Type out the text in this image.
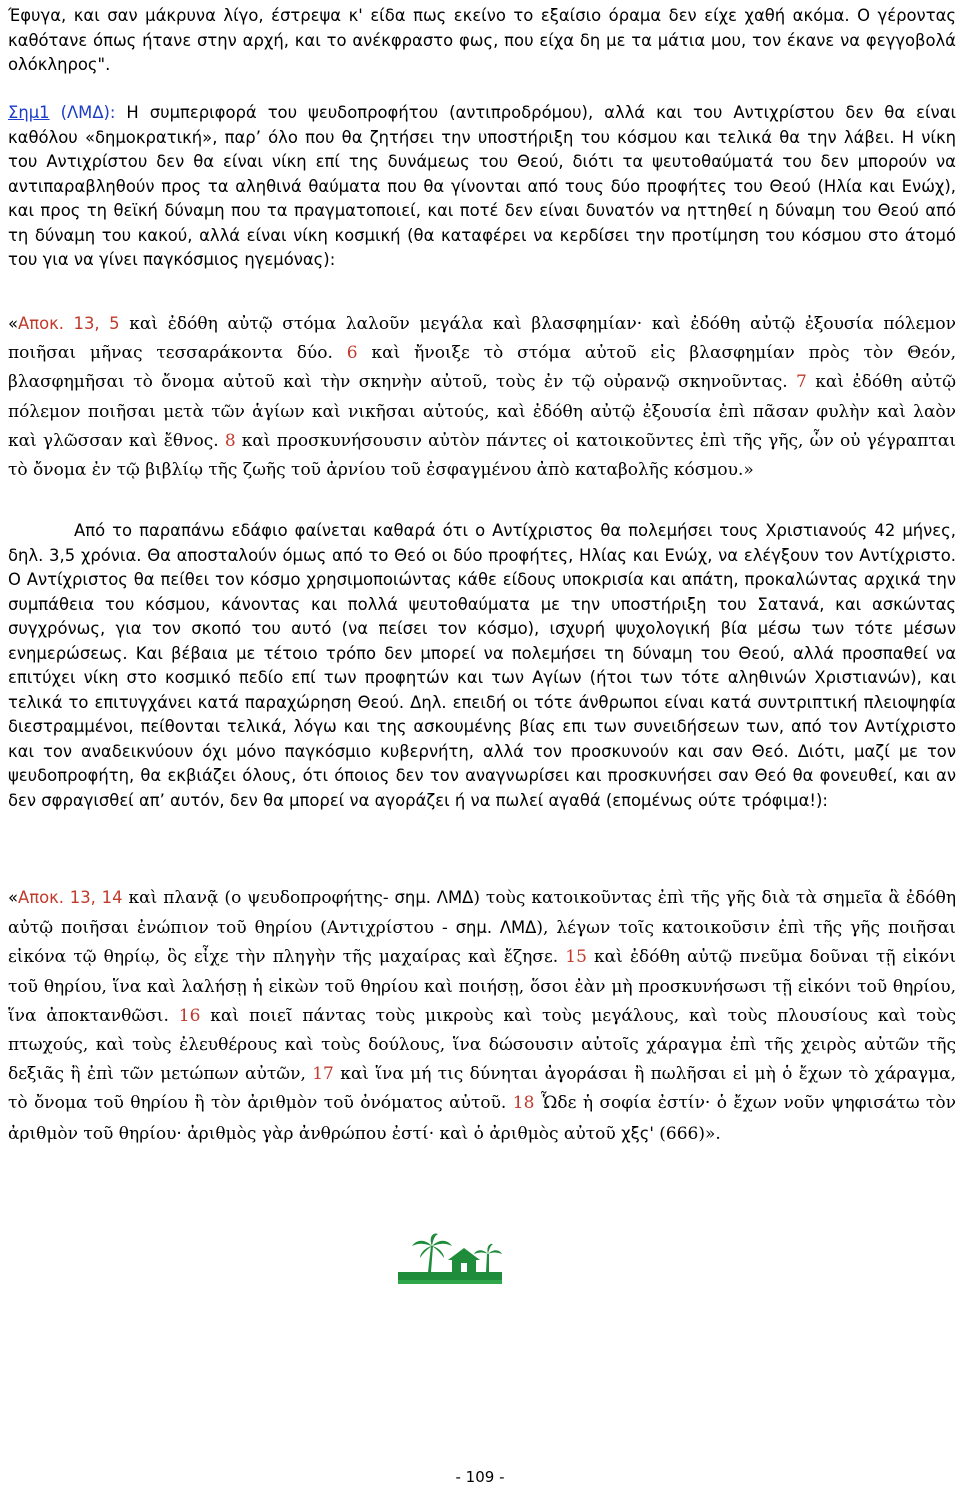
Έφυγα, και σαν μάκρυνα λίγο, έστρεψα κ' είδα πως εκείνο το εξαίσιο όραμα δεν είχε χαθή ακόμα. Ο γέροντας καθότανε όπως ήτανε στην αρχή, και το ανέκφραστο φως, που είχα δη με τα μάτια μου, τον έκανε να φεγγοβολά ολόκληρος".
Σημ1 (ΛΜΔ): Η συμπεριφορά του ψευδοπροφήτου (αντιπροδρόμου), αλλά και του Αντιχρίστου δεν θα είναι καθόλου «δημοκρατική», παρ’ όλο που θα ζητήσει την υποστήριξη του κόσμου και τελικά θα την λάβει. Η νίκη του Αντιχρίστου δεν θα είναι νίκη επί της δυνάμεως του Θεού, διότι τα ψευτοθαύματά του δεν μπορούν να αντιπαραβληθούν προς τα αληθινά θαύματα που θα γίνονται από τους δύο προφήτες του Θεού (Ηλία και Ενώχ), και προς τη θεϊκή δύναμη που τα πραγματοποιεί, και ποτέ δεν είναι δυνατόν να ηττηθεί η δύναμη του Θεού από τη δύναμη του κακού, αλλά είναι νίκη κοσμική (θα καταφέρει να κερδίσει την προτίμηση του κόσμου στο άτομό του για να γίνει παγκόσμιος ηγεμόνας):
«Αποκ. 13, 5 καὶ ἐδόθη αὐτῷ στόμα λαλοῦν μεγάλα καὶ βλασφημίαν· καὶ ἐδόθη αὐτῷ ἐξουσία πόλεμον ποιῆσαι μῆνας τεσσαράκοντα δύο. 6 καὶ ἤνοιξε τὸ στόμα αὐτοῦ εἰς βλασφημίαν πρὸς τὸν Θεόν, βλασφημῆσαι τὸ ὄνομα αὐτοῦ καὶ τὴν σκηνὴν αὐτοῦ, τοὺς ἐν τῷ οὐρανῷ σκηνοῦντας. 7 καὶ ἐδόθη αὐτῷ πόλεμον ποιῆσαι μετὰ τῶν ἁγίων καὶ νικῆσαι αὐτούς, καὶ ἐδόθη αὐτῷ ἐξουσία ἐπὶ πᾶσαν φυλὴν καὶ λαὸν καὶ γλῶσσαν καὶ ἔθνος. 8 καὶ προσκυνήσουσιν αὐτὸν πάντες οἱ κατοικοῦντες ἐπὶ τῆς γῆς, ὧν οὐ γέγραπται τὸ ὄνομα ἐν τῷ βιβλίῳ τῆς ζωῆς τοῦ ἀρνίου τοῦ ἐσφαγμένου ἀπὸ καταβολῆς κόσμου.»
Από το παραπάνω εδάφιο φαίνεται καθαρά ότι ο Αντίχριστος θα πολεμήσει τους Χριστιανούς 42 μήνες, δηλ. 3,5 χρόνια. Θα αποσταλούν όμως από το Θεό οι δύο προφήτες, Ηλίας και Ενώχ, να ελέγξουν τον Αντίχριστο. Ο Αντίχριστος θα πείθει τον κόσμο χρησιμοποιώντας κάθε είδους υποκρισία και απάτη, προκαλώντας αρχικά την συμπάθεια του κόσμου, κάνοντας και πολλά ψευτοθαύματα με την υποστήριξη του Σατανά, και ασκώντας συγχρόνως, για τον σκοπό του αυτό (να πείσει τον κόσμο), ισχυρή ψυχολογική βία μέσω των τότε μέσων ενημερώσεως. Και βέβαια με τέτοιο τρόπο δεν μπορεί να πολεμήσει τη δύναμη του Θεού, αλλά προσπαθεί να επιτύχει νίκη στο κοσμικό πεδίο επί των προφητών και των Αγίων (ήτοι των τότε αληθινών Χριστιανών), και τελικά το επιτυγχάνει κατά παραχώρηση Θεού. Δηλ. επειδή οι τότε άνθρωποι είναι κατά συντριπτική πλειοψηφία διεστραμμένοι, πείθονται τελικά, λόγω και της ασκουμένης βίας επι των συνειδήσεων των, από τον Αντίχριστο και τον αναδεικνύουν όχι μόνο παγκόσμιο κυβερνήτη, αλλά τον προσκυνούν και σαν Θεό. Διότι, μαζί με τον ψευδοπροφήτη, θα εκβιάζει όλους, ότι όποιος δεν τον αναγνωρίσει και προσκυνήσει σαν Θεό θα φονευθεί, και αν δεν σφραγισθεί απ’ αυτόν, δεν θα μπορεί να αγοράζει ή να πωλεί αγαθά (επομένως ούτε τρόφιμα!):
«Αποκ. 13, 14 καὶ πλανᾷ (ο ψευδοπροφήτης- σημ. ΛΜΔ) τοὺς κατοικοῦντας ἐπὶ τῆς γῆς διὰ τὰ σημεῖα ἃ ἐδόθη αὐτῷ ποιῆσαι ἐνώπιον τοῦ θηρίου (Αντιχρίστου - σημ. ΛΜΔ), λέγων τοῖς κατοικοῦσιν ἐπὶ τῆς γῆς ποιῆσαι εἰκόνα τῷ θηρίῳ, ὃς εἶχε τὴν πληγὴν τῆς μαχαίρας καὶ ἔζησε. 15 καὶ ἐδόθη αὐτῷ πνεῦμα δοῦναι τῇ εἰκόνι τοῦ θηρίου, ἵνα καὶ λαλήσῃ ἡ εἰκὼν τοῦ θηρίου καὶ ποιήσῃ, ὅσοι ἐὰν μὴ προσκυνήσωσι τῇ εἰκόνι τοῦ θηρίου, ἵνα ἀποκτανθῶσι. 16 καὶ ποιεῖ πάντας τοὺς μικροὺς καὶ τοὺς μεγάλους, καὶ τοὺς πλουσίους καὶ τοὺς πτωχούς, καὶ τοὺς ἐλευθέρους καὶ τοὺς δούλους, ἵνα δώσουσιν αὐτοῖς χάραγμα ἐπὶ τῆς χειρὸς αὐτῶν τῆς δεξιᾶς ἢ ἐπὶ τῶν μετώπων αὐτῶν, 17 καὶ ἵνα μή τις δύνηται ἀγοράσαι ἢ πωλῆσαι εἰ μὴ ὁ ἔχων τὸ χάραγμα, τὸ ὄνομα τοῦ θηρίου ἢ τὸν ἀριθμὸν τοῦ ὀνόματος αὐτοῦ. 18 Ὧδε ἡ σοφία ἐστίν· ὁ ἔχων νοῦν ψηφισάτω τὸν ἀριθμὸν τοῦ θηρίου· ἀριθμὸς γὰρ ἀνθρώπου ἐστί· καὶ ὁ ἀριθμὸς αὐτοῦ χξς' (666)».
- 109 -
